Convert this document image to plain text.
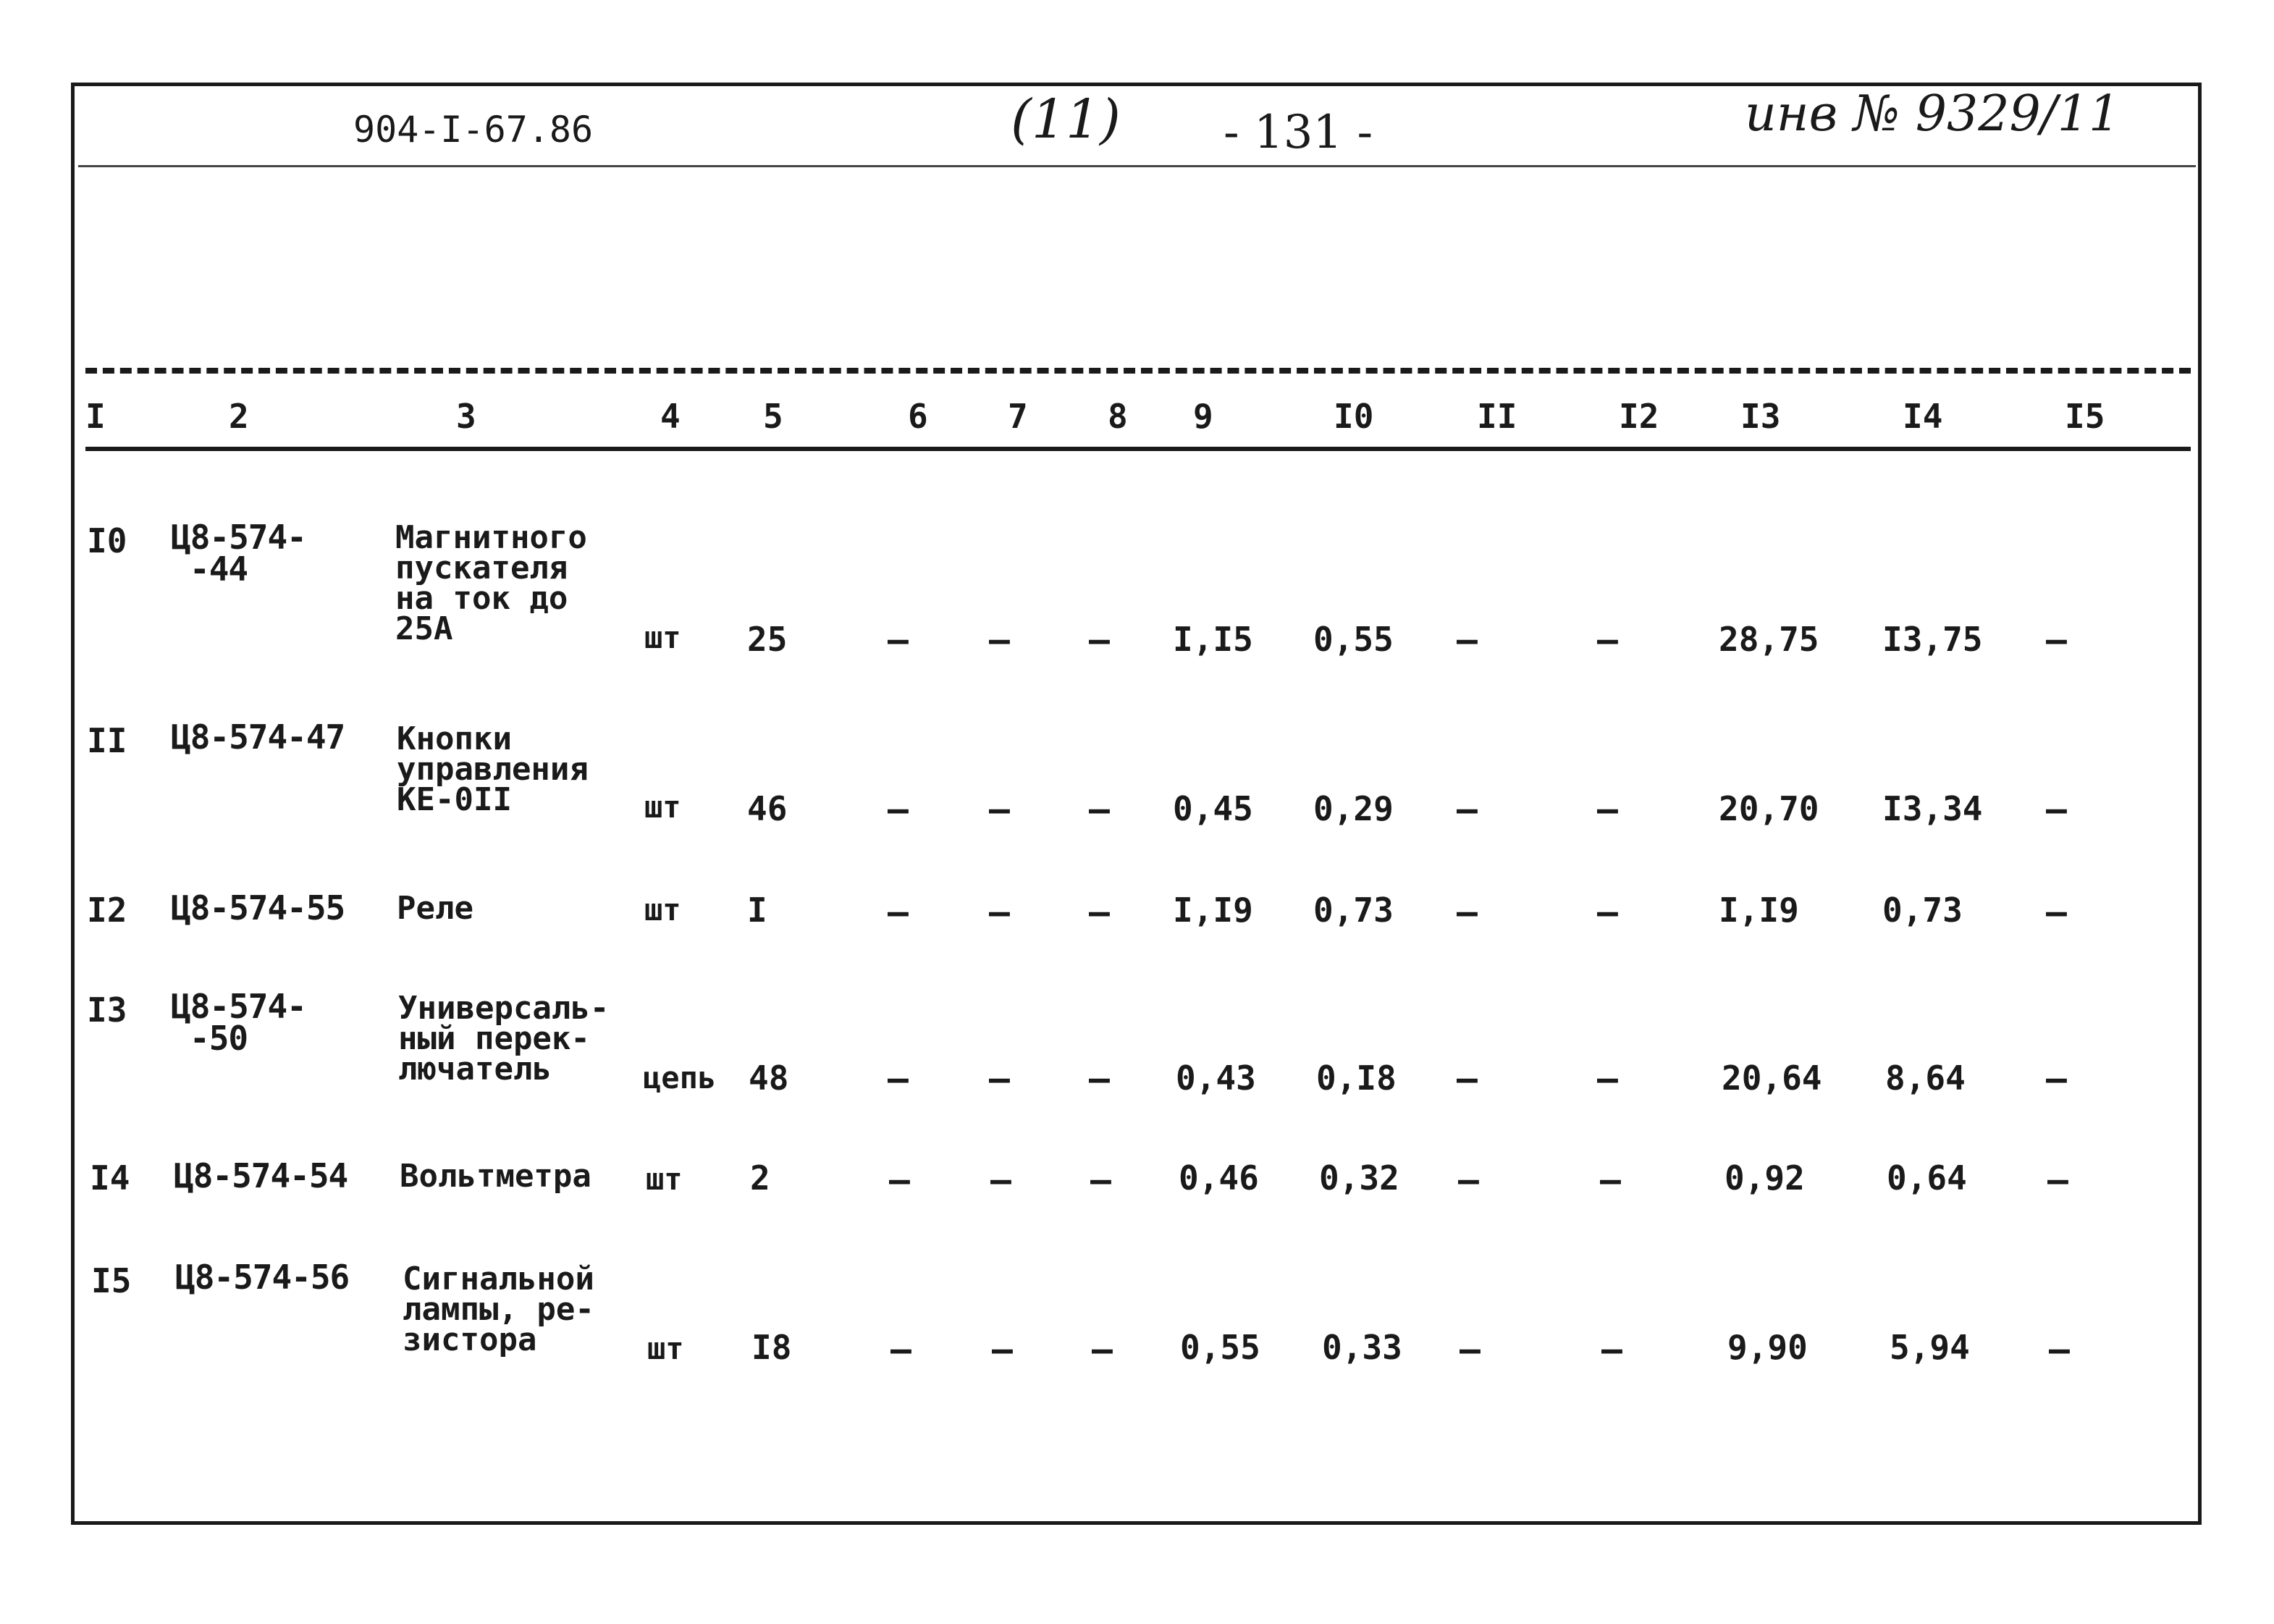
904-I-67.86	(11) - 131 -	инв № 9329/11
I	2	3	4 5	6 7 8 9	I0	II	I2 I3	I4	I5
I0 Ц8-574-
-44
Магнитного
пускателя
на ток до
25А	шт 25	– – – I,I5 0,55 –	–	28,75 I3,75 –
II Ц8-574-47 Кнопки
управления
КЕ-0II	шт 46	– – – 0,45 0,29 –	–	20,70 I3,34 –
I2 Ц8-574-55 Реле	шт I	– – – I,I9 0,73 –	–	I,I9	0,73 –
I3 Ц8-574-
-50
Универсаль-
ный перек-
лючатель	цепь 48	– – – 0,43 0,I8 –	–	20,64 8,64 –
I4 Ц8-574-54 Вольтметра шт 2	– – – 0,46 0,32 –	–	0,92 0,64 –
I5 Ц8-574-56 Сигнальной
лампы, ре-
зистора	шт I8	– – – 0,55 0,33 –	–	9,90 5,94 –
